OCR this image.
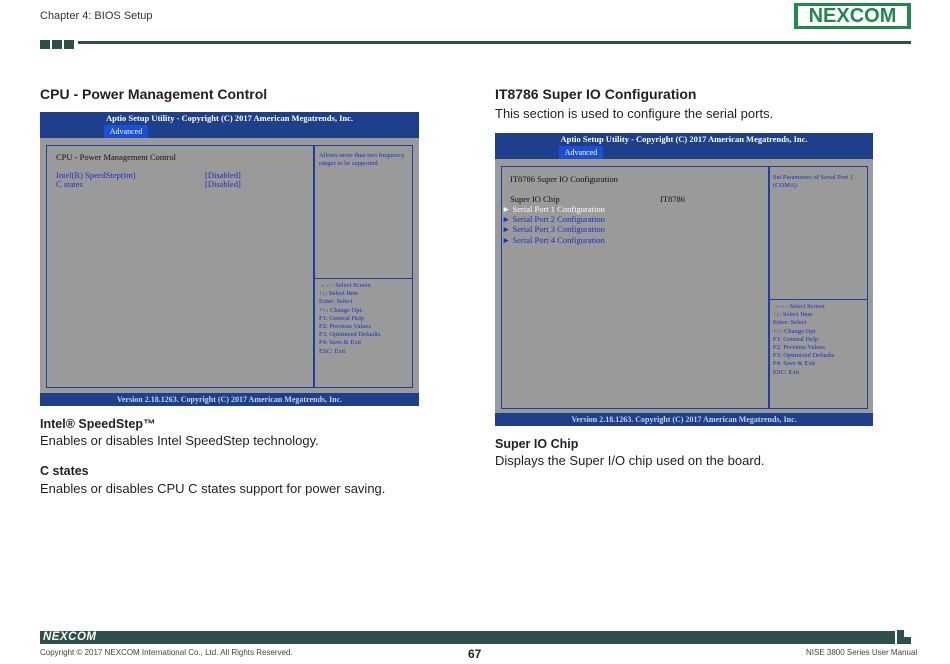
Chapter 4: BIOS Setup	NEXCOM
CPU - Power Management Control
Aptio Setup Utility - Copyright (C) 2017 American Megatrends, Inc.
Advanced
CPU - Power Management Control
Intel(R) SpeedStep(tm)	[Disabled]
C states	[Disabled]
Allows more than two frequency ranges to be supported.
→←: Select Screen
↑↓: Select Item
Enter: Select
+/-: Change Opt.
F1: General Help
F2: Previous Values
F3: Optimized Defaults
F4: Save & Exit
ESC: Exit
Version 2.18.1263. Copyright (C) 2017 American Megatrends, Inc.
Intel® SpeedStep™
Enables or disables Intel SpeedStep technology.
C states
Enables or disables CPU C states support for power saving.
IT8786 Super IO Configuration
This section is used to configure the serial ports.
Aptio Setup Utility - Copyright (C) 2017 American Megatrends, Inc.
Advanced
IT8786 Super IO Configuration
Super IO Chip	IT8786
► Serial Port 1 Configuration
► Serial Port 2 Configuration
► Serial Port 3 Configuration
► Serial Port 4 Configuration
Set Parameters of Serial Port 1 (COMA)
→←: Select Screen
↑↓: Select Item
Enter: Select
+/-: Change Opt.
F1: General Help
F2: Previous Values
F3: Optimized Defaults
F4: Save & Exit
ESC: Exit
Version 2.18.1263. Copyright (C) 2017 American Megatrends, Inc.
Super IO Chip
Displays the Super I/O chip used on the board.
NEXCOM
Copyright © 2017 NEXCOM International Co., Ltd. All Rights Reserved.	67	NISE 3800 Series User Manual
